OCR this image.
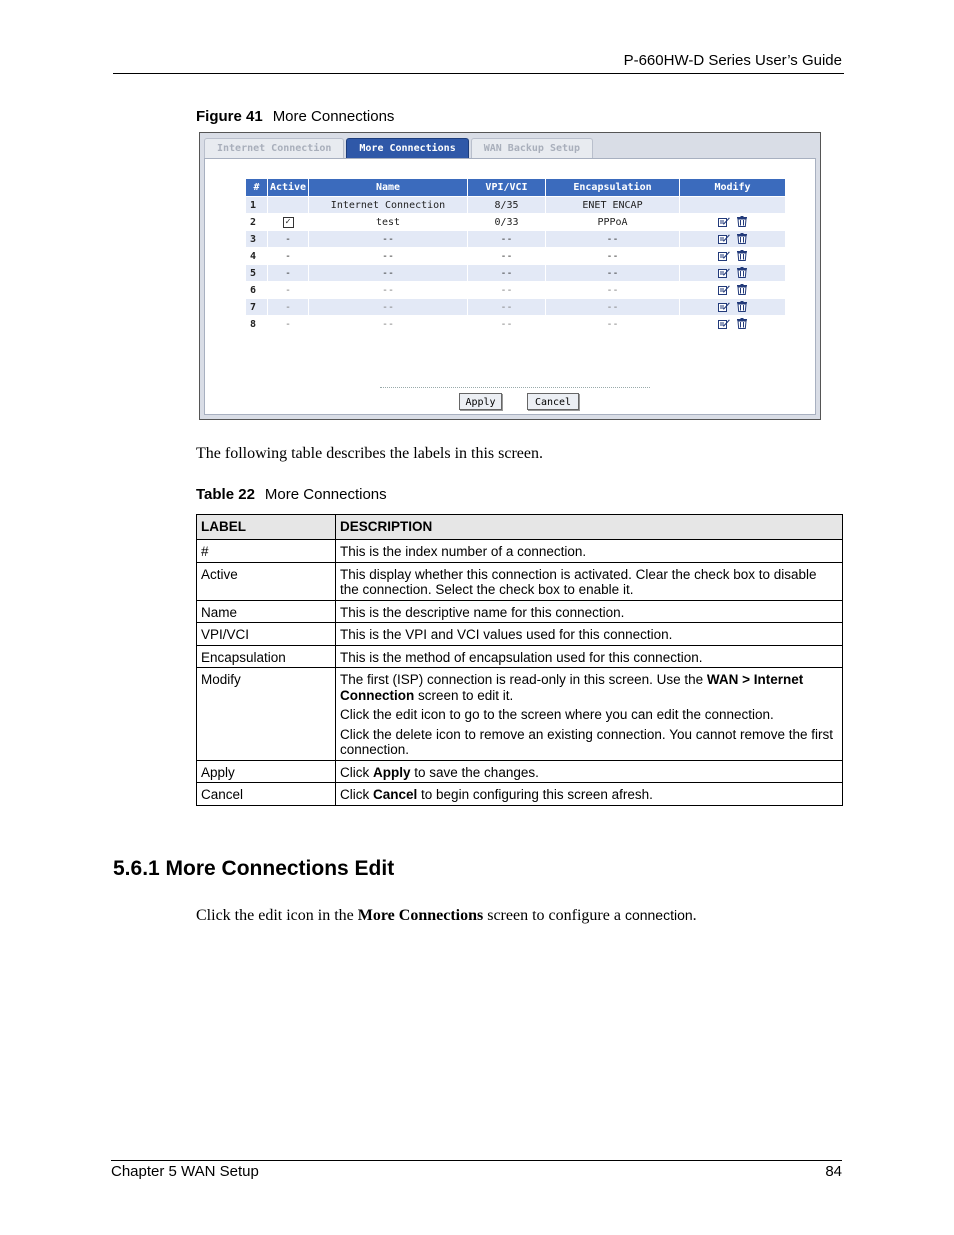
P-660HW-D Series User’s Guide
Figure 41 More Connections
Internet Connection	More Connections	WAN Backup Setup
#	Active	Name	VPI/VCI	Encapsulation	Modify
1		Internet Connection	8/35	ENET ENCAP	
2	✓	test	0/33	PPPoA	
3	-	--	--	--	
4	-	--	--	--	
5	-	--	--	--	
6	-	--	--	--	
7	-	--	--	--	
8	-	--	--	--	
Apply	Cancel
The following table describes the labels in this screen.
Table 22 More Connections
LABEL	DESCRIPTION
#	This is the index number of a connection.
Active	This display whether this connection is activated. Clear the check box to disable the connection. Select the check box to enable it.
Name	This is the descriptive name for this connection.
VPI/VCI	This is the VPI and VCI values used for this connection.
Encapsulation	This is the method of encapsulation used for this connection.
Modify	The first (ISP) connection is read-only in this screen. Use the WAN > Internet Connection screen to edit it.

Click the edit icon to go to the screen where you can edit the connection.

Click the delete icon to remove an existing connection. You cannot remove the first connection.

Apply	Click Apply to save the changes.
Cancel	Click Cancel to begin configuring this screen afresh.
5.6.1 More Connections Edit
Click the edit icon in the More Connections screen to configure a connection.
Chapter 5 WAN Setup	84
